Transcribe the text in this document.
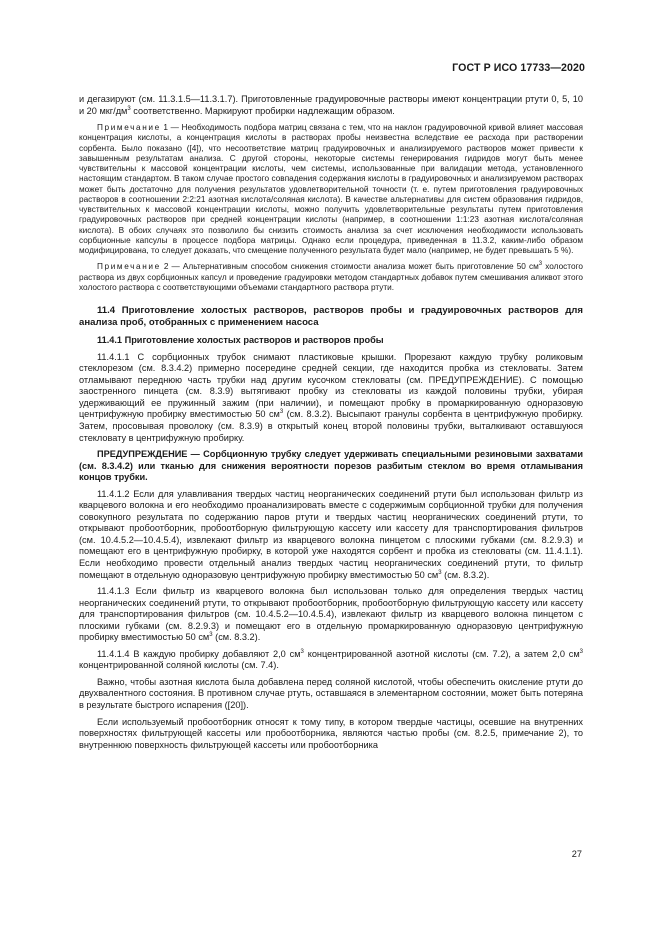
ГОСТ Р ИСО 17733—2020

и дегазируют (см. 11.3.1.5—11.3.1.7). Приготовленные градуировочные растворы имеют концентрации ртути 0, 5, 10 и 20 мкг/$дм^3$ соответственно. Маркируют пробирки надлежащим образом.

Примечание 1 — Необходимость подбора матриц связана с тем, что на наклон градуировочной кривой влияет массовая концентрация кислоты, а концентрация кислоты в растворах пробы неизвестна вследствие ее расхода при растворении сорбента. Было показано ([4]), что несоответствие матриц градуировочных и анализируемого растворов может привести к завышенным результатам анализа. С другой стороны, некоторые системы генерирования гидридов могут быть менее чувствительны к массовой концентрации кислоты, чем системы, использованные при валидации метода, установленного настоящим стандартом. В таком случае простого совпадения содержания кислоты в градуировочных и анализируемом растворах может быть достаточно для получения результатов удовлетворительной точности (т. е. путем приготовления градуировочных растворов в соотношении 2:2:21 азотная кислота/соляная кислота). В качестве альтернативы для систем образования гидридов, чувствительных к массовой концентрации кислоты, можно получить удовлетворительные результаты путем приготовления градуировочных растворов при средней концентрации кислоты (например, в соотношении 1:1:23 азотная кислота/соляная кислота). В обоих случаях это позволило бы снизить стоимость анализа за счет исключения необходимости использовать сорбционные капсулы в процессе подбора матрицы. Однако если процедура, приведенная в 11.3.2, каким-либо образом модифицирована, то следует доказать, что смещение полученного результата будет мало (например, не будет превышать 5 %).

Примечание 2 — Альтернативным способом снижения стоимости анализа может быть приготовление 50 $см^3$ холостого раствора из двух сорбционных капсул и проведение градуировки методом стандартных добавок путем смешивания аликвот этого холостого раствора с соответствующими объемами стандартного раствора ртути.

11.4 Приготовление холостых растворов, растворов пробы и градуировочных растворов для анализа проб, отобранных с применением насоса

11.4.1 Приготовление холостых растворов и растворов пробы

11.4.1.1 С сорбционных трубок снимают пластиковые крышки. Прорезают каждую трубку роликовым стеклорезом (см. 8.3.4.2) примерно посередине средней секции, где находится пробка из стекловаты. Затем отламывают переднюю часть трубки над другим кусочком стекловаты (см. ПРЕДУПРЕЖДЕНИЕ). С помощью заостренного пинцета (см. 8.3.9) вытягивают пробку из стекловаты из каждой половины трубки, убирая удерживающий ее пружинный зажим (при наличии), и помещают пробку в промаркированную одноразовую центрифужную пробирку вместимостью 50 $см^3$ (см. 8.3.2). Высыпают гранулы сорбента в центрифужную пробирку. Затем, просовывая проволоку (см. 8.3.9) в открытый конец второй половины трубки, выталкивают оставшуюся стекловату в центрифужную пробирку.

ПРЕДУПРЕЖДЕНИЕ — Сорбционную трубку следует удерживать специальными резиновыми захватами (см. 8.3.4.2) или тканью для снижения вероятности порезов разбитым стеклом во время отламывания концов трубки.

11.4.1.2 Если для улавливания твердых частиц неорганических соединений ртути был использован фильтр из кварцевого волокна и его необходимо проанализировать вместе с содержимым сорбционной трубки для получения совокупного результата по содержанию паров ртути и твердых частиц неорганических соединений ртути, то открывают пробоотборник, пробоотборную фильтрующую кассету или кассету для транспортирования фильтров (см. 10.4.5.2—10.4.5.4), извлекают фильтр из кварцевого волокна пинцетом с плоскими губками (см. 8.2.9.3) и помещают его в центрифужную пробирку, в которой уже находятся сорбент и пробка из стекловаты (см. 11.4.1.1). Если необходимо провести отдельный анализ твердых частиц неорганических соединений ртути, то фильтр помещают в отдельную одноразовую центрифужную пробирку вместимостью 50 $см^3$ (см. 8.3.2).

11.4.1.3 Если фильтр из кварцевого волокна был использован только для определения твердых частиц неорганических соединений ртути, то открывают пробоотборник, пробоотборную фильтрующую кассету или кассету для транспортирования фильтров (см. 10.4.5.2—10.4.5.4), извлекают фильтр из кварцевого волокна пинцетом с плоскими губками (см. 8.2.9.3) и помещают его в отдельную промаркированную одноразовую центрифужную пробирку вместимостью 50 $см^3$ (см. 8.3.2).

11.4.1.4 В каждую пробирку добавляют 2,0 $см^3$ концентрированной азотной кислоты (см. 7.2), а затем 2,0 $см^3$ концентрированной соляной кислоты (см. 7.4).

Важно, чтобы азотная кислота была добавлена перед соляной кислотой, чтобы обеспечить окисление ртути до двухвалентного состояния. В противном случае ртуть, оставшаяся в элементарном состоянии, может быть потеряна в результате быстрого испарения ([20]).

Если используемый пробоотборник относят к тому типу, в котором твердые частицы, осевшие на внутренних поверхностях фильтрующей кассеты или пробоотборника, являются частью пробы (см. 8.2.5, примечание 2), то внутреннюю поверхность фильтрующей кассеты или пробоотборника

27
